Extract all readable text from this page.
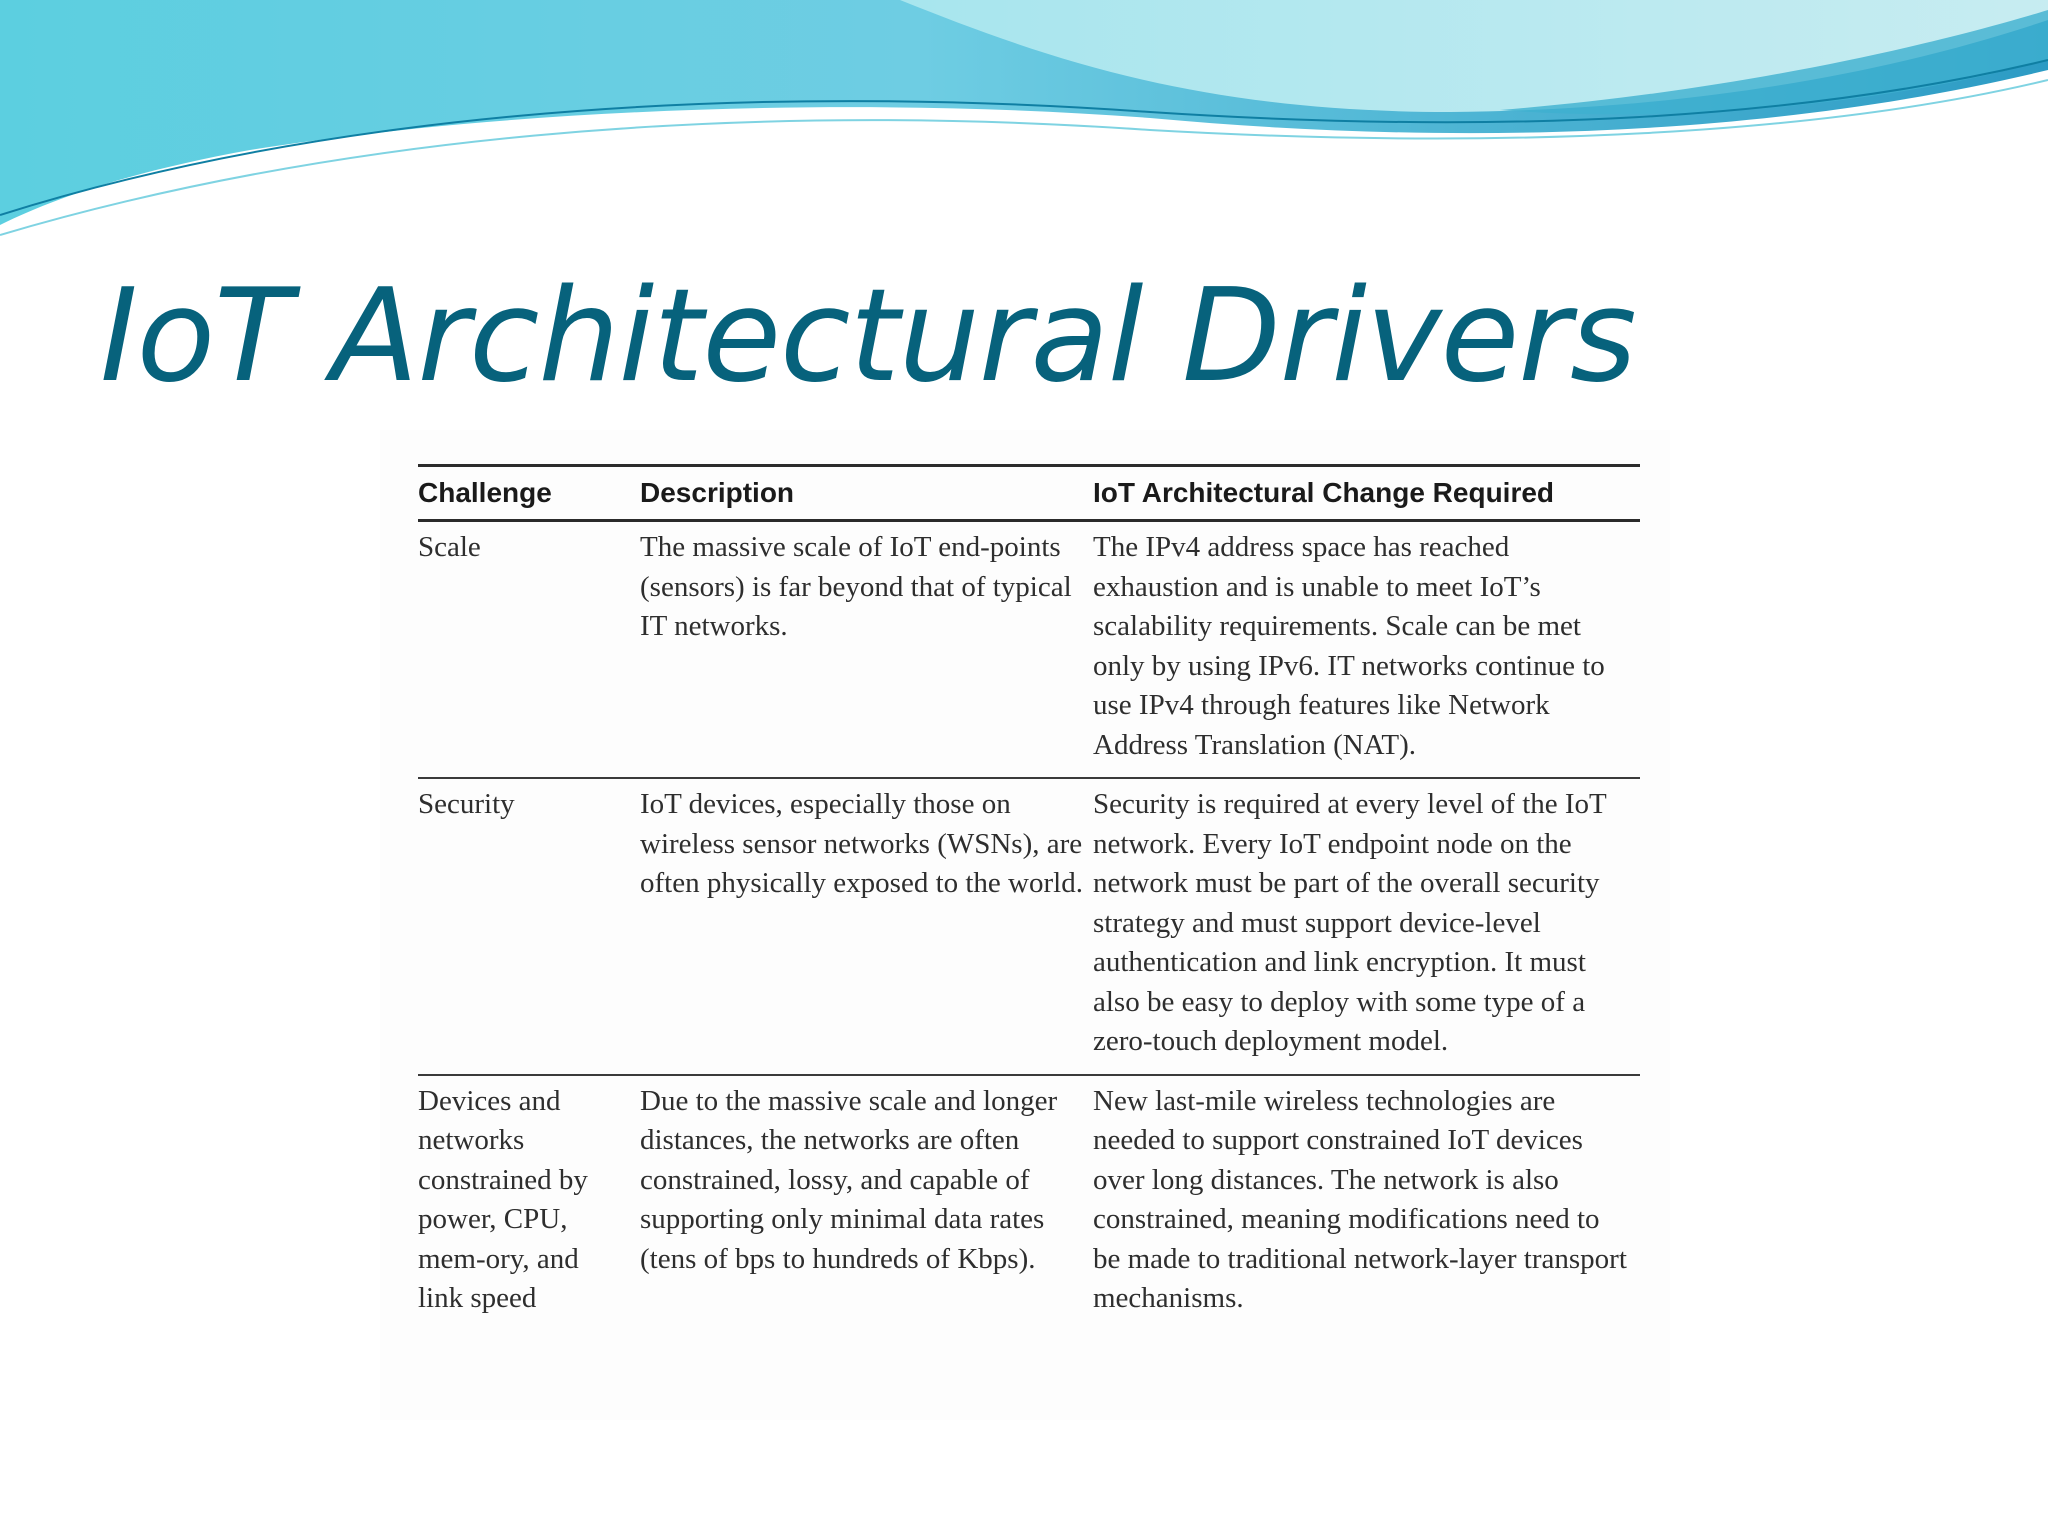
IoT Architectural Drivers
Challenge	Description	IoT Architectural Change Required
Scale	The massive scale of IoT end-points (sensors) is far beyond that of typical IT networks.	The IPv4 address space has reached exhaustion and is unable to meet IoT’s scalability requirements. Scale can be met only by using IPv6. IT networks continue to use IPv4 through features like Network Address Translation (NAT).
Security	IoT devices, especially those on wireless sensor networks (WSNs), are often physically exposed to the world.	Security is required at every level of the IoT network. Every IoT endpoint node on the network must be part of the overall security strategy and must support device-level authentication and link encryption. It must also be easy to deploy with some type of a zero-touch deployment model.
Devices and networks constrained by power, CPU, mem-ory, and link speed	Due to the massive scale and longer distances, the networks are often constrained, lossy, and capable of supporting only minimal data rates (tens of bps to hundreds of Kbps).	New last-mile wireless technologies are needed to support constrained IoT devices over long distances. The network is also constrained, meaning modifications need to be made to traditional network-layer transport mechanisms.
